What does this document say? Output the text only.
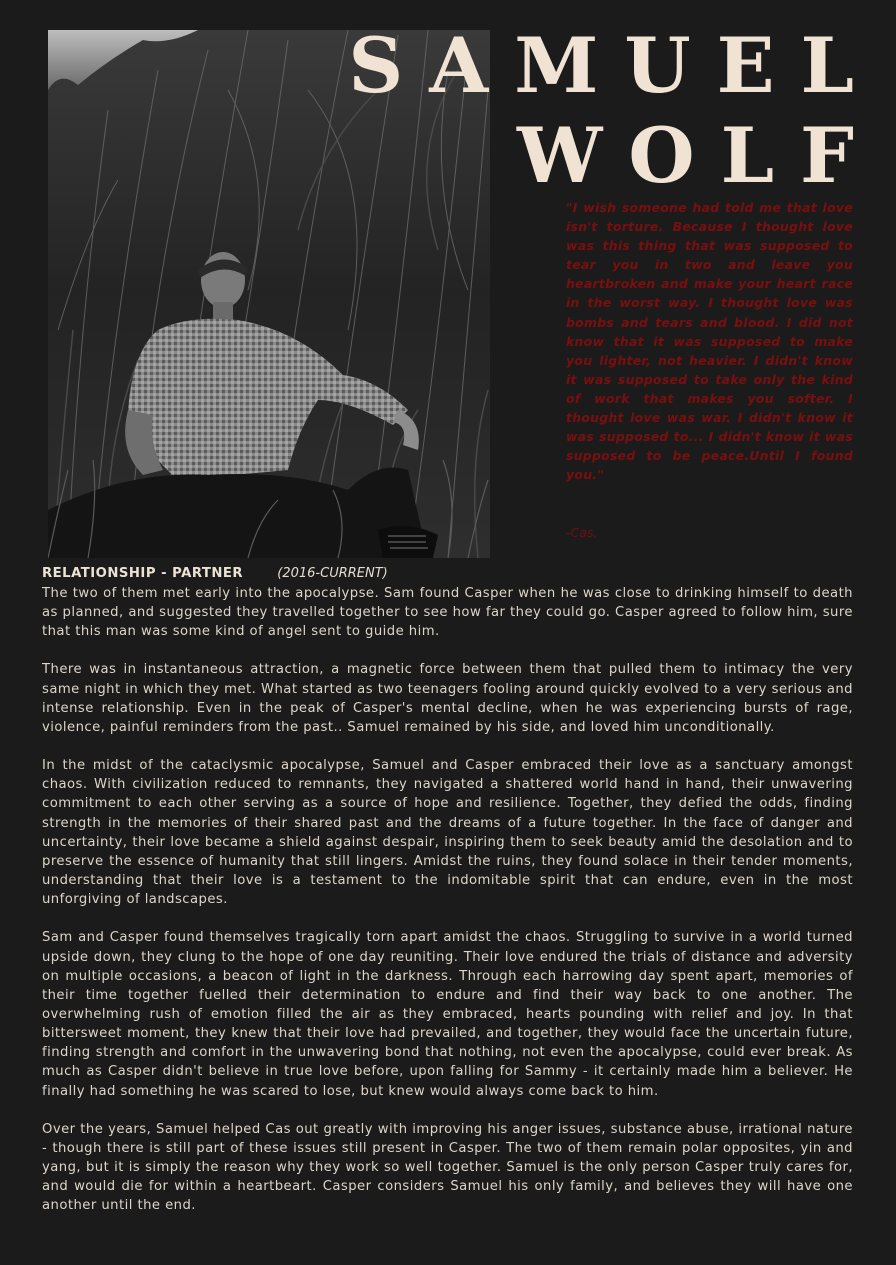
SAMUEL
WOLF
"I wish someone had told me that love isn't torture. Because I thought love was this thing that was supposed to tear you in two and leave you heartbroken and make your heart race in the worst way. I thought love was bombs and tears and blood. I did not know that it was supposed to make you lighter, not heavier. I didn't know it was supposed to take only the kind of work that makes you softer. I thought love was war. I didn't know it was supposed to... I didn't know it was supposed to be peace.Until I found you."
-Cas.
RELATIONSHIP - PARTNER	(2016-CURRENT)

The two of them met early into the apocalypse. Sam found Casper when he was close to drinking himself to death as planned, and suggested they travelled together to see how far they could go. Casper agreed to follow him, sure that this man was some kind of angel sent to guide him.

There was in instantaneous attraction, a magnetic force between them that pulled them to intimacy the very same night in which they met. What started as two teenagers fooling around quickly evolved to a very serious and intense relationship. Even in the peak of Casper's mental decline, when he was experiencing bursts of rage, violence, painful reminders from the past.. Samuel remained by his side, and loved him unconditionally.

In the midst of the cataclysmic apocalypse, Samuel and Casper embraced their love as a sanctuary amongst chaos. With civilization reduced to remnants, they navigated a shattered world hand in hand, their unwavering commitment to each other serving as a source of hope and resilience. Together, they defied the odds, finding strength in the memories of their shared past and the dreams of a future together. In the face of danger and uncertainty, their love became a shield against despair, inspiring them to seek beauty amid the desolation and to preserve the essence of humanity that still lingers. Amidst the ruins, they found solace in their tender moments, understanding that their love is a testament to the indomitable spirit that can endure, even in the most unforgiving of landscapes.

Sam and Casper found themselves tragically torn apart amidst the chaos. Struggling to survive in a world turned upside down, they clung to the hope of one day reuniting. Their love endured the trials of distance and adversity on multiple occasions, a beacon of light in the darkness. Through each harrowing day spent apart, memories of their time together fuelled their determination to endure and find their way back to one another. The overwhelming rush of emotion filled the air as they embraced, hearts pounding with relief and joy. In that bittersweet moment, they knew that their love had prevailed, and together, they would face the uncertain future, finding strength and comfort in the unwavering bond that nothing, not even the apocalypse, could ever break. As much as Casper didn't believe in true love before, upon falling for Sammy - it certainly made him a believer. He finally had something he was scared to lose, but knew would always come back to him.

Over the years, Samuel helped Cas out greatly with improving his anger issues, substance abuse, irrational nature - though there is still part of these issues still present in Casper. The two of them remain polar opposites, yin and yang, but it is simply the reason why they work so well together. Samuel is the only person Casper truly cares for, and would die for within a heartbeart. Casper considers Samuel his only family, and believes they will have one another until the end.
